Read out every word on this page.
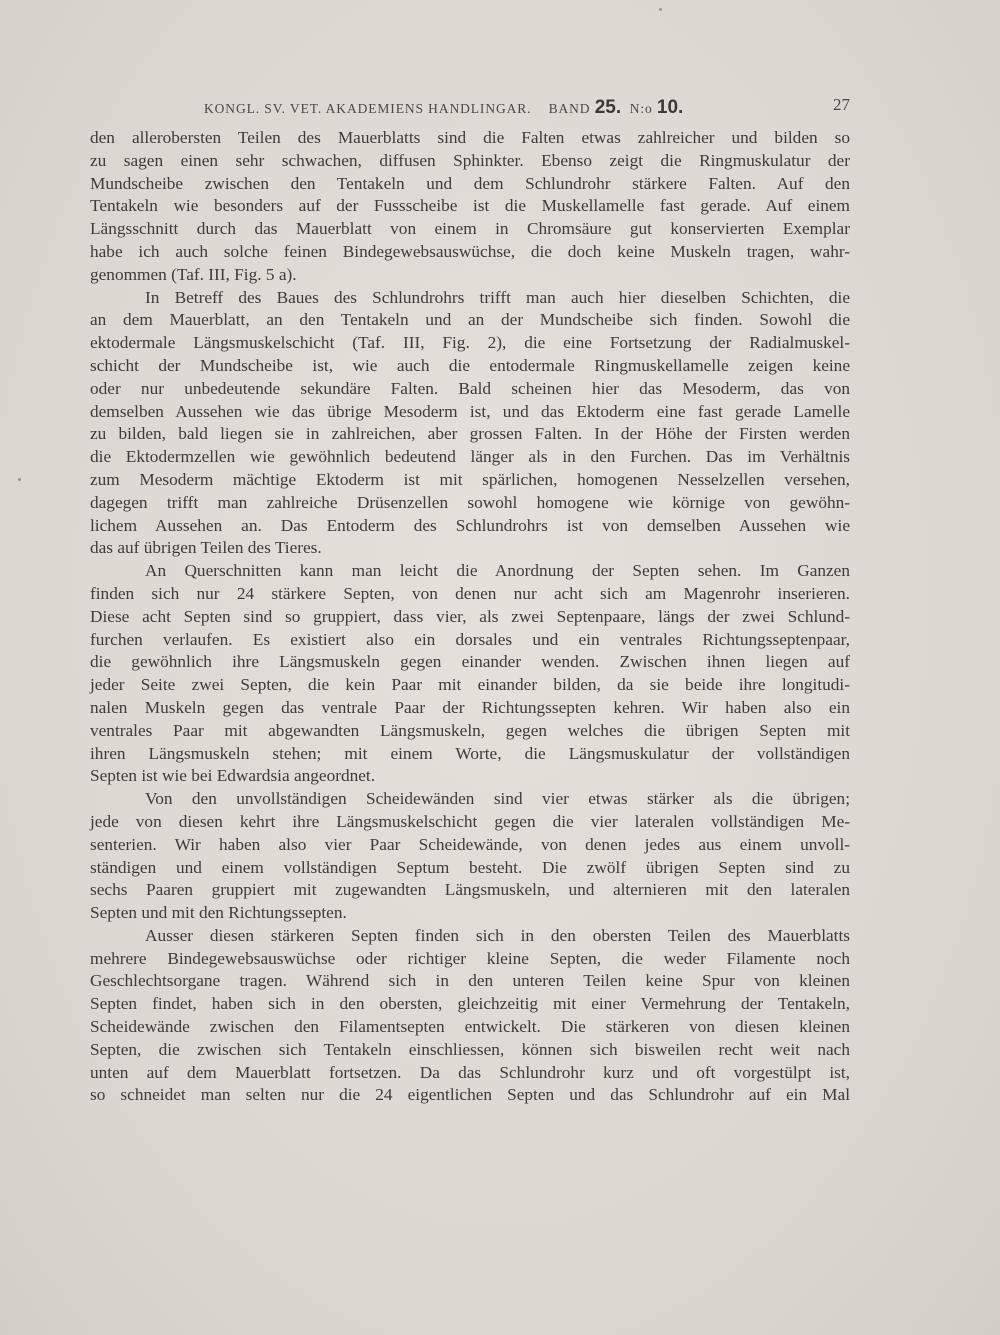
KONGL. SV. VET. AKADEMIENS HANDLINGAR. BAND 25. N:o 10.	27
den allerobersten Teilen des Mauerblatts sind die Falten etwas zahlreicher und bilden so
zu sagen einen sehr schwachen, diffusen Sphinkter. Ebenso zeigt die Ringmuskulatur der
Mundscheibe zwischen den Tentakeln und dem Schlundrohr stärkere Falten. Auf den
Tentakeln wie besonders auf der Fussscheibe ist die Muskellamelle fast gerade. Auf einem
Längsschnitt durch das Mauerblatt von einem in Chromsäure gut konservierten Exemplar
habe ich auch solche feinen Bindegewebsauswüchse, die doch keine Muskeln tragen, wahr-
genommen (Taf. III, Fig. 5 a).
In Betreff des Baues des Schlundrohrs trifft man auch hier dieselben Schichten, die
an dem Mauerblatt, an den Tentakeln und an der Mundscheibe sich finden. Sowohl die
ektodermale Längsmuskelschicht (Taf. III, Fig. 2), die eine Fortsetzung der Radialmuskel-
schicht der Mundscheibe ist, wie auch die entodermale Ringmuskellamelle zeigen keine
oder nur unbedeutende sekundäre Falten. Bald scheinen hier das Mesoderm, das von
demselben Aussehen wie das übrige Mesoderm ist, und das Ektoderm eine fast gerade Lamelle
zu bilden, bald liegen sie in zahlreichen, aber grossen Falten. In der Höhe der Firsten werden
die Ektodermzellen wie gewöhnlich bedeutend länger als in den Furchen. Das im Verhältnis
zum Mesoderm mächtige Ektoderm ist mit spärlichen, homogenen Nesselzellen versehen,
dagegen trifft man zahlreiche Drüsenzellen sowohl homogene wie körnige von gewöhn-
lichem Aussehen an. Das Entoderm des Schlundrohrs ist von demselben Aussehen wie
das auf übrigen Teilen des Tieres.
An Querschnitten kann man leicht die Anordnung der Septen sehen. Im Ganzen
finden sich nur 24 stärkere Septen, von denen nur acht sich am Magenrohr inserieren.
Diese acht Septen sind so gruppiert, dass vier, als zwei Septenpaare, längs der zwei Schlund-
furchen verlaufen. Es existiert also ein dorsales und ein ventrales Richtungsseptenpaar,
die gewöhnlich ihre Längsmuskeln gegen einander wenden. Zwischen ihnen liegen auf
jeder Seite zwei Septen, die kein Paar mit einander bilden, da sie beide ihre longitudi-
nalen Muskeln gegen das ventrale Paar der Richtungssepten kehren. Wir haben also ein
ventrales Paar mit abgewandten Längsmuskeln, gegen welches die übrigen Septen mit
ihren Längsmuskeln stehen; mit einem Worte, die Längsmuskulatur der vollständigen
Septen ist wie bei Edwardsia angeordnet.
Von den unvollständigen Scheidewänden sind vier etwas stärker als die übrigen;
jede von diesen kehrt ihre Längsmuskelschicht gegen die vier lateralen vollständigen Me-
senterien. Wir haben also vier Paar Scheidewände, von denen jedes aus einem unvoll-
ständigen und einem vollständigen Septum besteht. Die zwölf übrigen Septen sind zu
sechs Paaren gruppiert mit zugewandten Längsmuskeln, und alternieren mit den lateralen
Septen und mit den Richtungssepten.
Ausser diesen stärkeren Septen finden sich in den obersten Teilen des Mauerblatts
mehrere Bindegewebsauswüchse oder richtiger kleine Septen, die weder Filamente noch
Geschlechtsorgane tragen. Während sich in den unteren Teilen keine Spur von kleinen
Septen findet, haben sich in den obersten, gleichzeitig mit einer Vermehrung der Tentakeln,
Scheidewände zwischen den Filamentsepten entwickelt. Die stärkeren von diesen kleinen
Septen, die zwischen sich Tentakeln einschliessen, können sich bisweilen recht weit nach
unten auf dem Mauerblatt fortsetzen. Da das Schlundrohr kurz und oft vorgestülpt ist,
so schneidet man selten nur die 24 eigentlichen Septen und das Schlundrohr auf ein Mal
